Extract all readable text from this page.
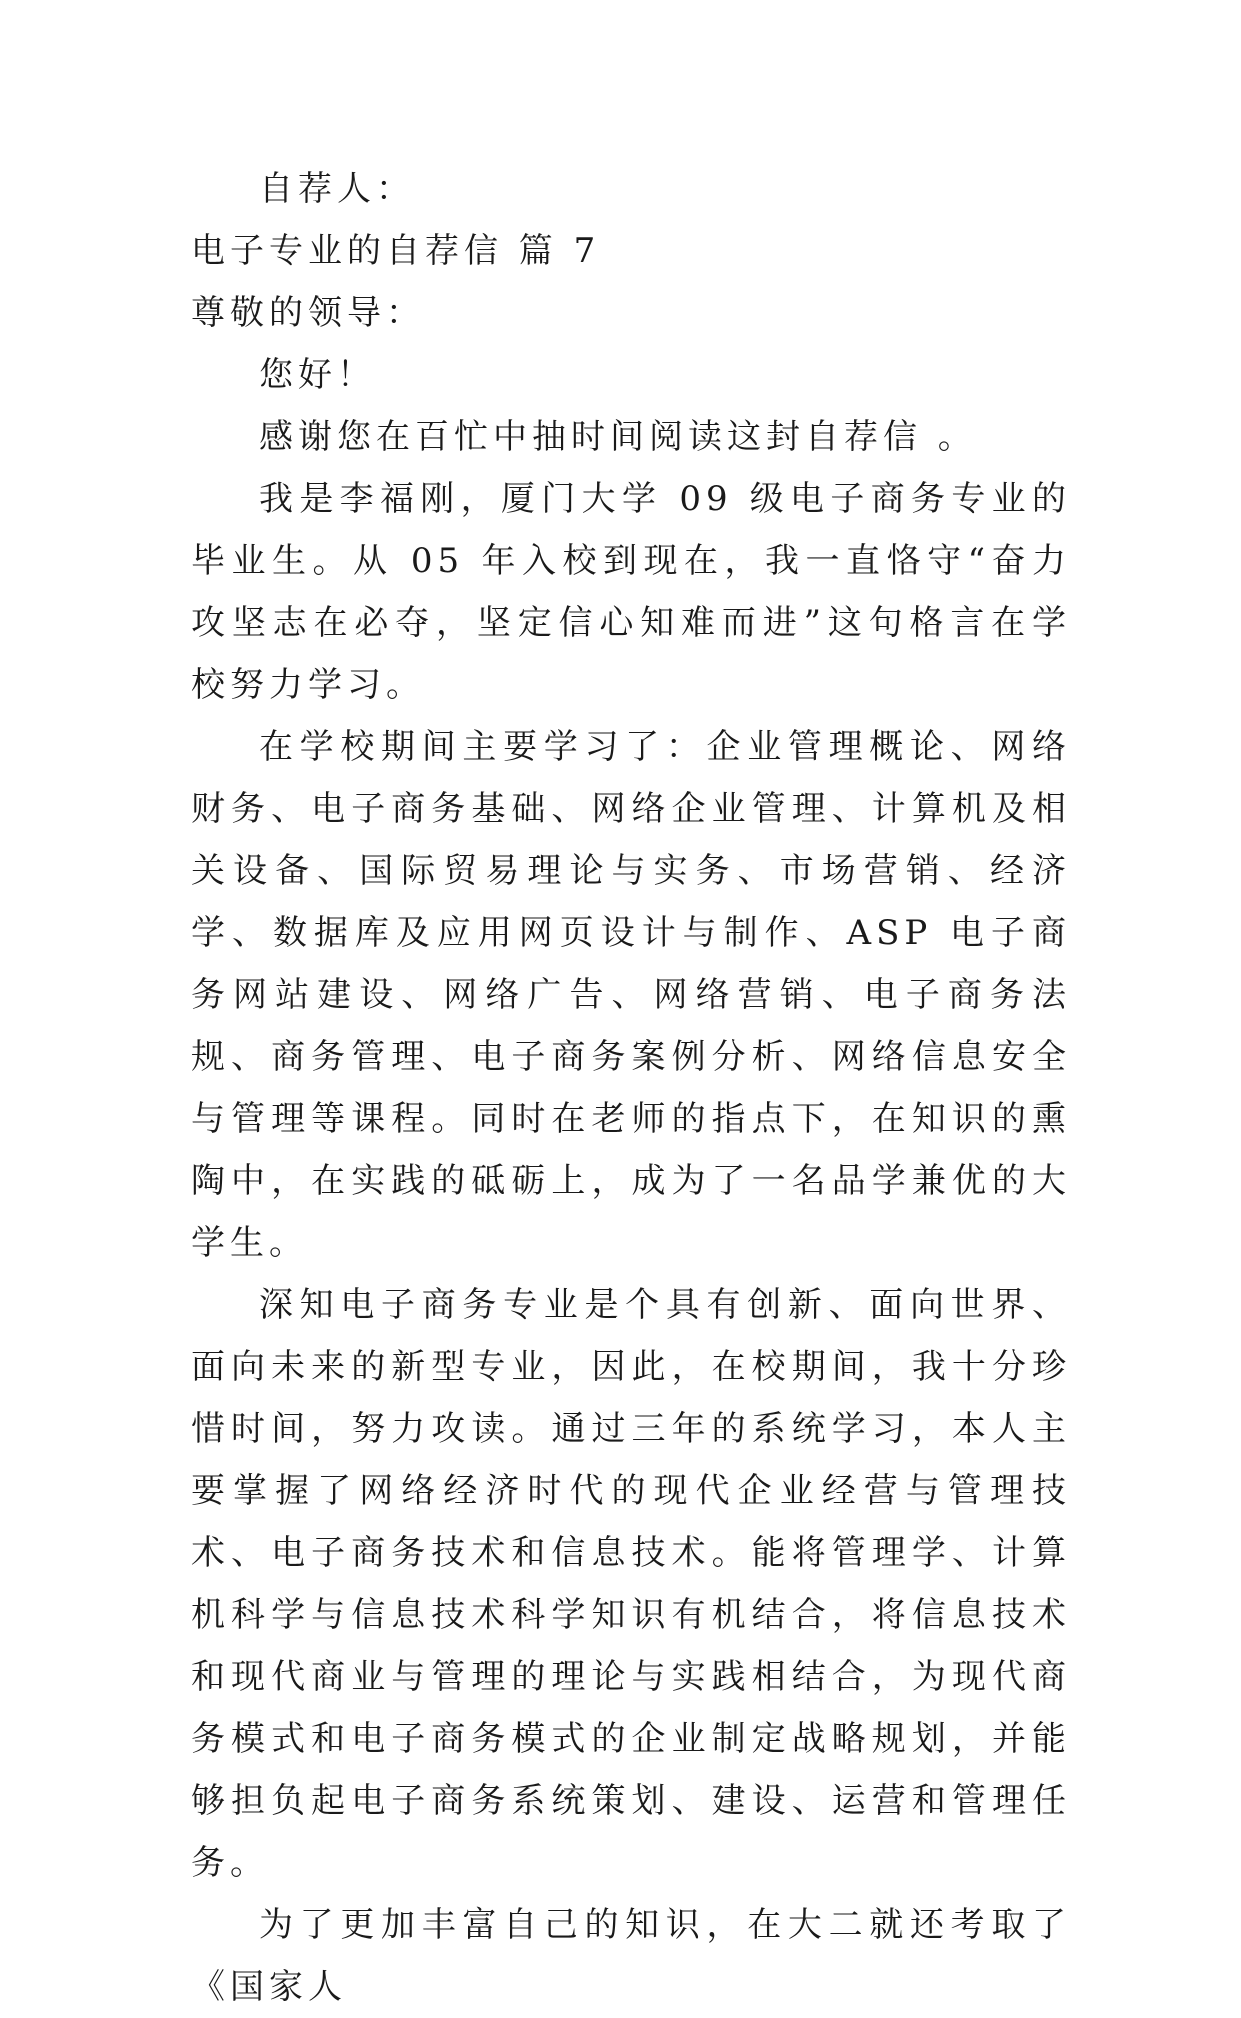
自荐人：

电子专业的自荐信 篇 7

尊敬的领导：

您好！

感谢您在百忙中抽时间阅读这封自荐信 。

我是李福刚，厦门大学 09 级电子商务专业的毕业生。从 05 年入校到现在，我一直恪守“奋力攻坚志在必夺，坚定信心知难而进”这句格言在学校努力学习。

在学校期间主要学习了：企业管理概论、网络财务、电子商务基础、网络企业管理、计算机及相关设备、国际贸易理论与实务、市场营销、经济学、数据库及应用网页设计与制作、ASP 电子商务网站建设、网络广告、网络营销、电子商务法规、商务管理、电子商务案例分析、网络信息安全与管理等课程。同时在老师的指点下，在知识的熏陶中，在实践的砥砺上，成为了一名品学兼优的大学生。

深知电子商务专业是个具有创新、面向世界、面向未来的新型专业，因此，在校期间，我十分珍惜时间，努力攻读。通过三年的系统学习，本人主要掌握了网络经济时代的现代企业经营与管理技术、电子商务技术和信息技术。能将管理学、计算机科学与信息技术科学知识有机结合，将信息技术和现代商业与管理的理论与实践相结合，为现代商务模式和电子商务模式的企业制定战略规划，并能够担负起电子商务系统策划、建设、运营和管理任务。

为了更加丰富自己的知识，在大二就还考取了《国家人
